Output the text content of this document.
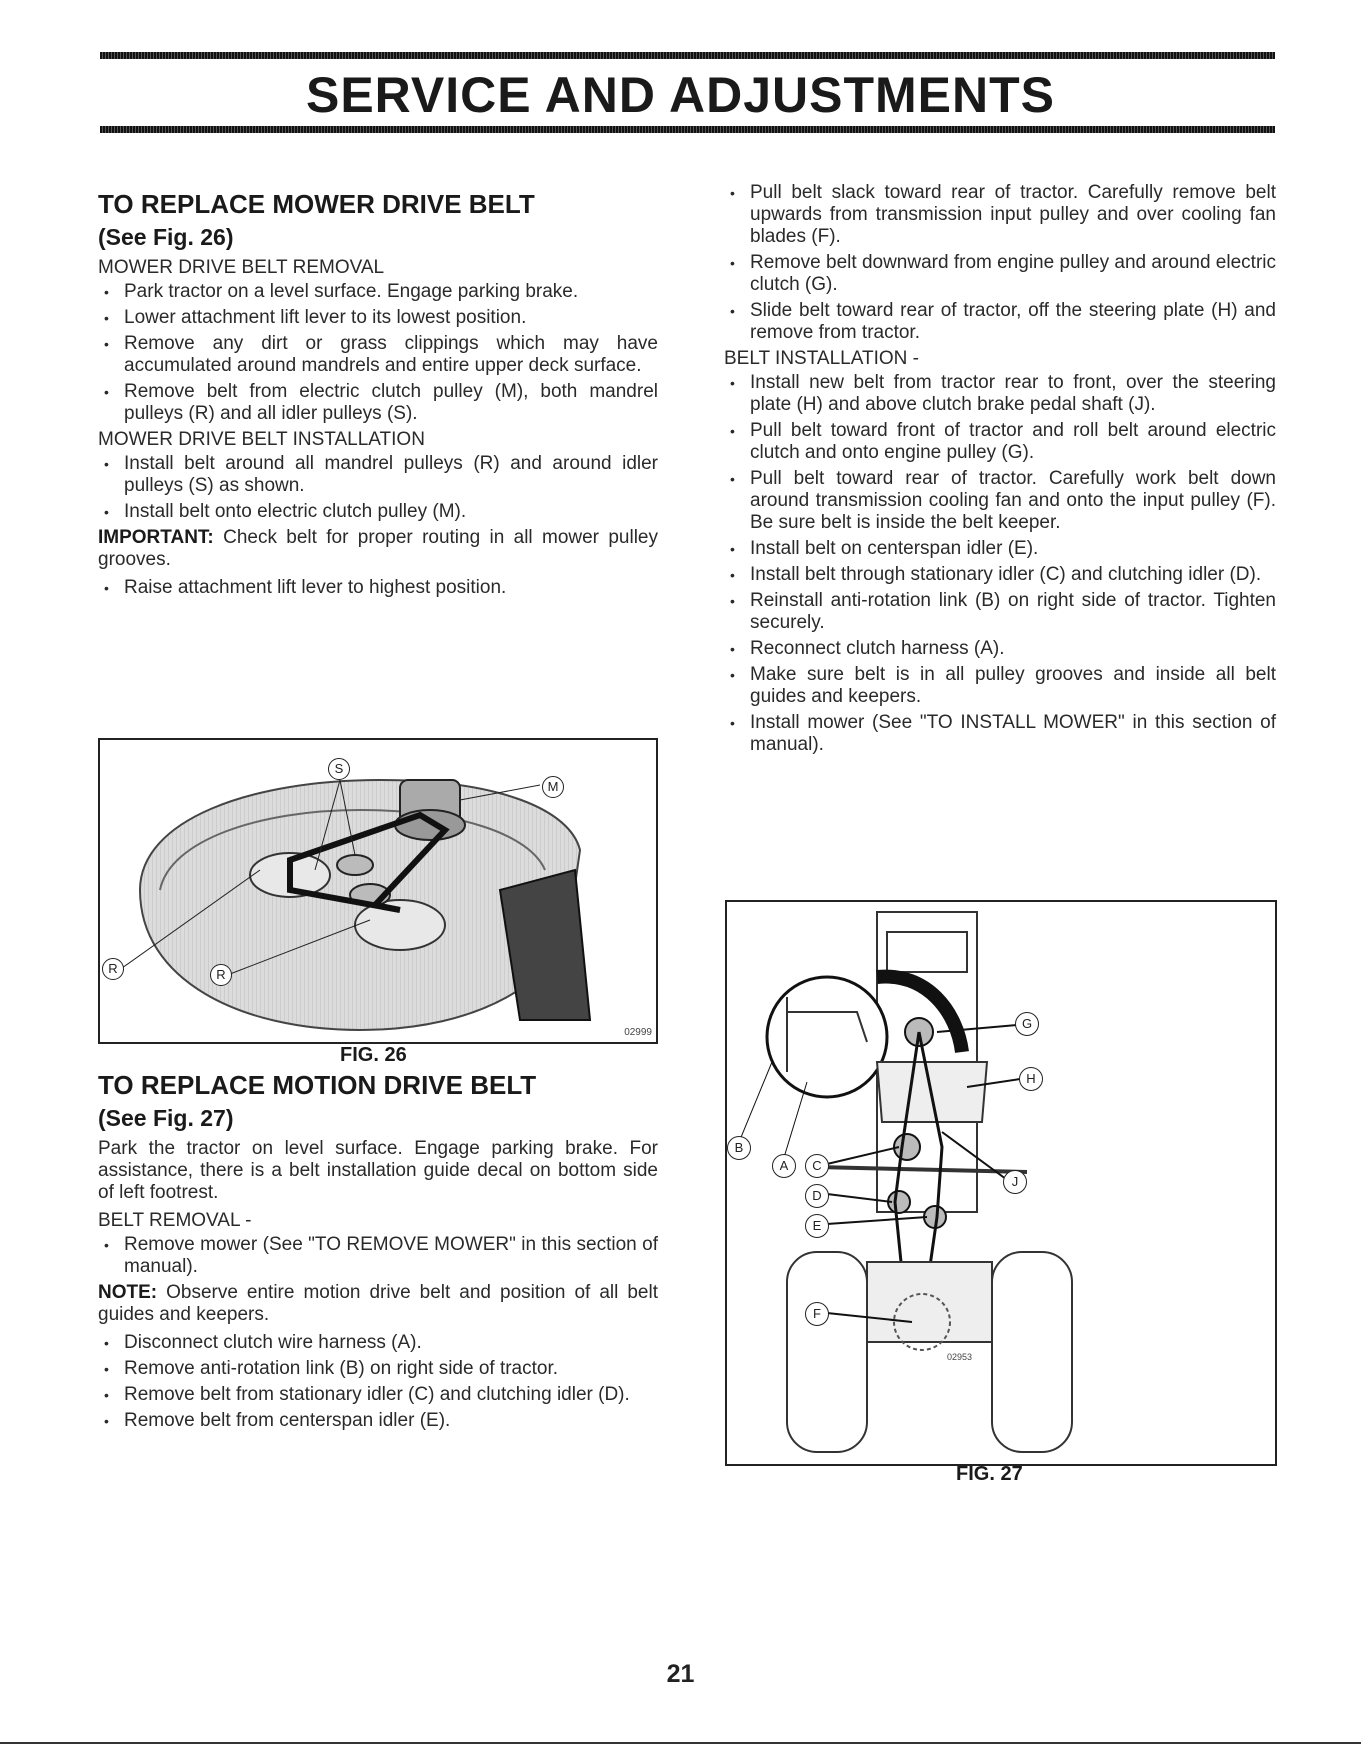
SERVICE AND ADJUSTMENTS
TO REPLACE MOWER DRIVE BELT
(See Fig. 26)
MOWER DRIVE BELT REMOVAL
• Park tractor on a level surface. Engage parking brake.
• Lower attachment lift lever to its lowest position.
• Remove any dirt or grass clippings which may have accumulated around mandrels and entire upper deck surface.
• Remove belt from electric clutch pulley (M), both mandrel pulleys (R) and all idler pulleys (S).
MOWER DRIVE BELT INSTALLATION
• Install belt around all mandrel pulleys (R) and around idler pulleys (S) as shown.
• Install belt onto electric clutch pulley (M).

IMPORTANT: Check belt for proper routing in all mower pulley grooves.

• Raise attachment lift lever to highest position.
S
M
R	R
02999
FIG. 26
TO REPLACE MOTION DRIVE BELT
(See Fig. 27)

Park the tractor on level surface. Engage parking brake. For assistance, there is a belt installation guide decal on bottom side of left footrest.

BELT REMOVAL -
• Remove mower (See "TO REMOVE MOWER" in this section of manual).

NOTE: Observe entire motion drive belt and position of all belt guides and keepers.

• Disconnect clutch wire harness (A).
• Remove anti-rotation link (B) on right side of tractor.
• Remove belt from stationary idler (C) and clutching idler (D).
• Remove belt from centerspan idler (E).
• Pull belt slack toward rear of tractor. Carefully remove belt upwards from transmission input pulley and over cooling fan blades (F).
• Remove belt downward from engine pulley and around electric clutch (G).
• Slide belt toward rear of tractor, off the steering plate (H) and remove from tractor.
BELT INSTALLATION -
• Install new belt from tractor rear to front, over the steering plate (H) and above clutch brake pedal shaft (J).
• Pull belt toward front of tractor and roll belt around electric clutch and onto engine pulley (G).
• Pull belt toward rear of tractor. Carefully work belt down around transmission cooling fan and onto the input pulley (F). Be sure belt is inside the belt keeper.
• Install belt on centerspan idler (E).
• Install belt through stationary idler (C) and clutching idler (D).
• Reinstall anti-rotation link (B) on right side of tractor. Tighten securely.
• Reconnect clutch harness (A).
• Make sure belt is in all pulley grooves and inside all belt guides and keepers.
• Install mower (See "TO INSTALL MOWER" in this section of manual).
G
H
B
A
J
C
D
E
F
02953
FIG. 27
21
